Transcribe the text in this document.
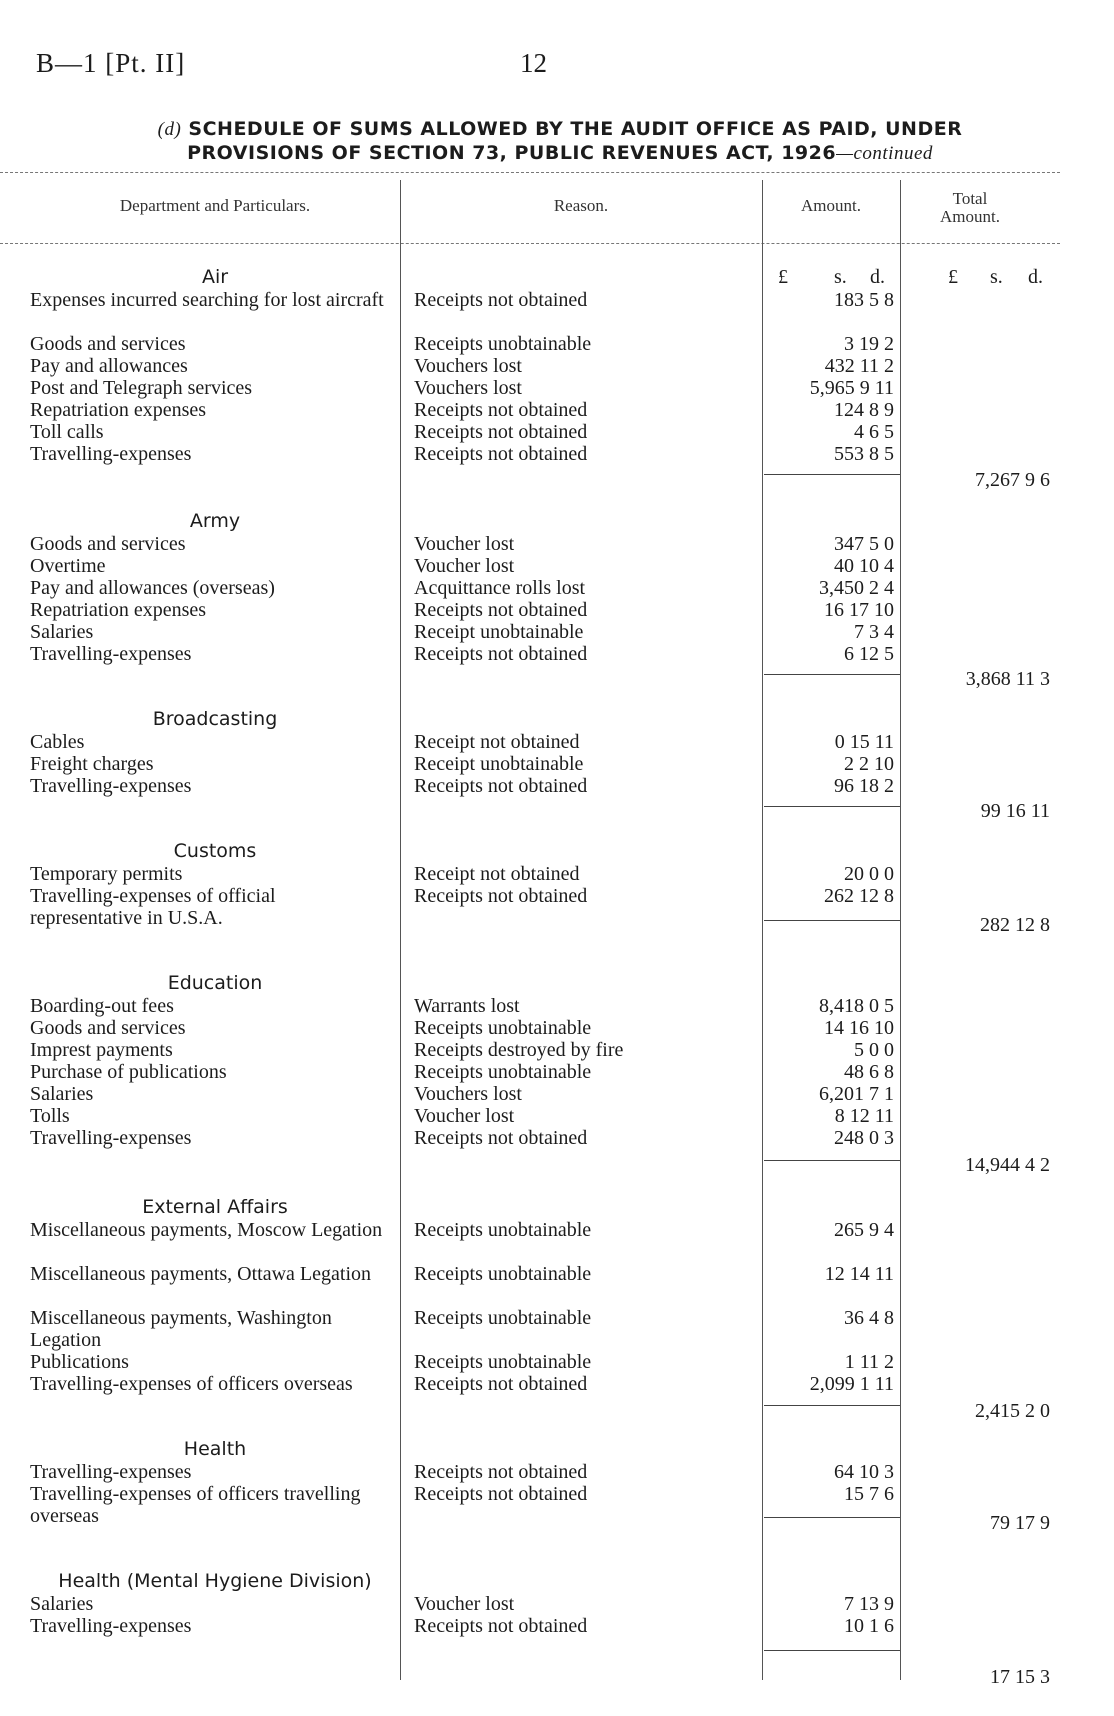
B—1 [Pt. II]	12
(d) SCHEDULE OF SUMS ALLOWED BY THE AUDIT OFFICE AS PAID, UNDER
PROVISIONS OF SECTION 73, PUBLIC REVENUES ACT, 1926—continued
Department and Particulars.	Reason.	Amount.	Total
Amount.
£ s. d.	£ s. d.
Air
Expenses incurred searching for lost aircraft	Receipts not obtained	183 5 8
Goods and services	Receipts unobtainable	3 19 2
Pay and allowances	Vouchers lost	432 11 2
Post and Telegraph services	Vouchers lost	5,965 9 11
Repatriation expenses	Receipts not obtained	124 8 9
Toll calls	Receipts not obtained	4 6 5
Travelling-expenses	Receipts not obtained	553 8 5
7,267 9 6
Army
Goods and services	Voucher lost	347 5 0
Overtime	Voucher lost	40 10 4
Pay and allowances (overseas)	Acquittance rolls lost	3,450 2 4
Repatriation expenses	Receipts not obtained	16 17 10
Salaries	Receipt unobtainable	7 3 4
Travelling-expenses	Receipts not obtained	6 12 5
3,868 11 3
Broadcasting
Cables	Receipt not obtained	0 15 11
Freight charges	Receipt unobtainable	2 2 10
Travelling-expenses	Receipts not obtained	96 18 2
99 16 11
Customs
Temporary permits	Receipt not obtained	20 0 0
Travelling-expenses of official representative in U.S.A.
Receipts not obtained	262 12 8
282 12 8
Education
Boarding-out fees	Warrants lost	8,418 0 5
Goods and services	Receipts unobtainable	14 16 10
Imprest payments	Receipts destroyed by fire	5 0 0
Purchase of publications	Receipts unobtainable	48 6 8
Salaries	Vouchers lost	6,201 7 1
Tolls	Voucher lost	8 12 11
Travelling-expenses	Receipts not obtained	248 0 3
14,944 4 2
External Affairs
Miscellaneous payments, Moscow Legation	Receipts unobtainable	265 9 4
Miscellaneous payments, Ottawa Legation	Receipts unobtainable	12 14 11
Miscellaneous payments, Washington Legation
Receipts unobtainable	36 4 8
Publications	Receipts unobtainable	1 11 2
Travelling-expenses of officers overseas	Receipts not obtained	2,099 1 11
2,415 2 0
Health
Travelling-expenses	Receipts not obtained	64 10 3
Travelling-expenses of officers travelling overseas
Receipts not obtained	15 7 6
79 17 9
Health (Mental Hygiene Division)
Salaries	Voucher lost	7 13 9
Travelling-expenses	Receipts not obtained	10 1 6
17 15 3
